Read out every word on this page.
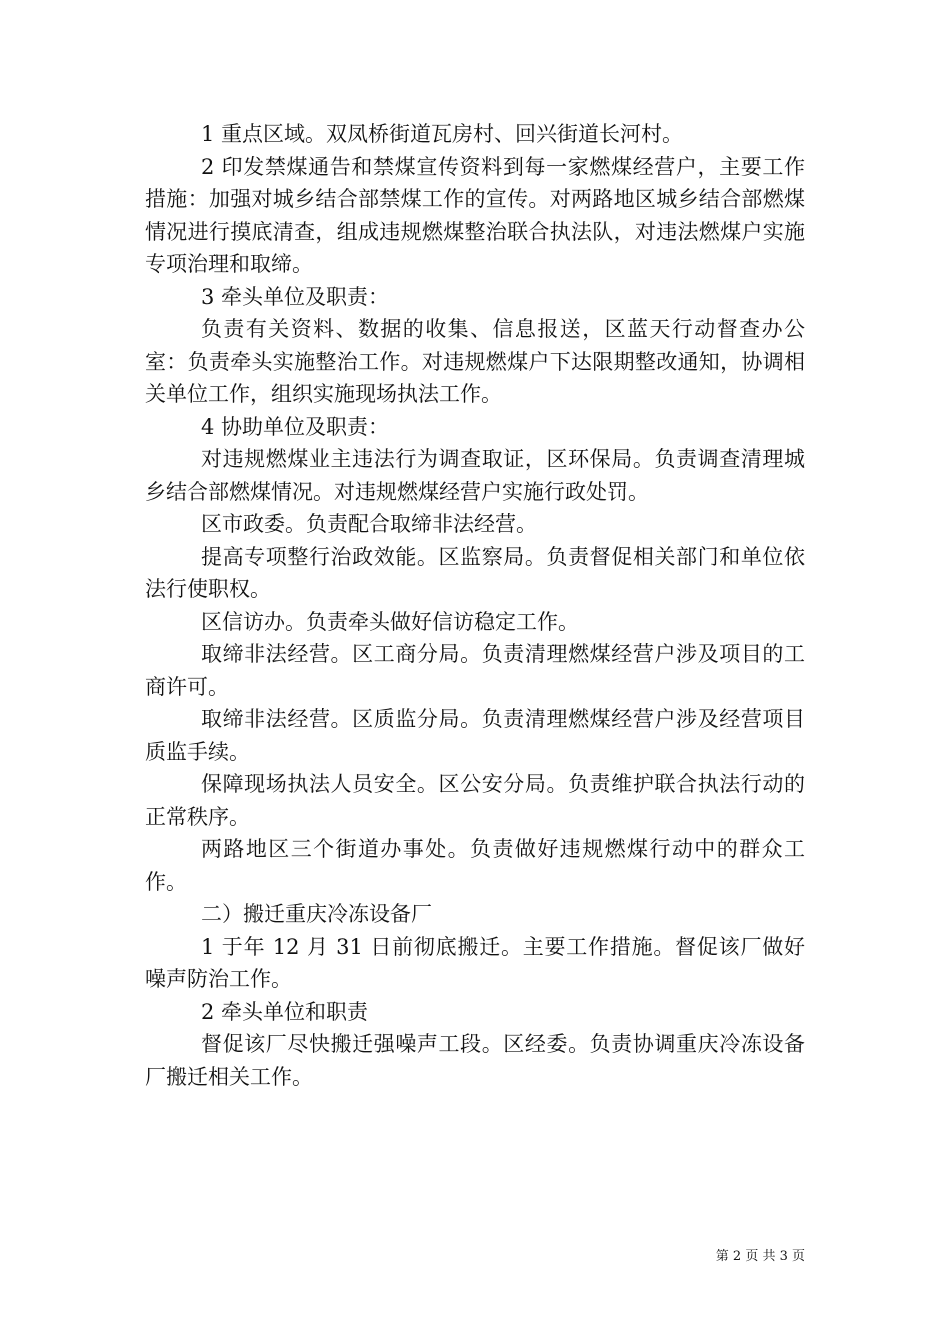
1 重点区域。双凤桥街道瓦房村、回兴街道长河村。

2 印发禁煤通告和禁煤宣传资料到每一家燃煤经营户，主要工作措施：加强对城乡结合部禁煤工作的宣传。对两路地区城乡结合部燃煤情况进行摸底清查，组成违规燃煤整治联合执法队，对违法燃煤户实施专项治理和取缔。

3 牵头单位及职责：

负责有关资料、数据的收集、信息报送，区蓝天行动督查办公室：负责牵头实施整治工作。对违规燃煤户下达限期整改通知，协调相关单位工作，组织实施现场执法工作。

4 协助单位及职责：

对违规燃煤业主违法行为调查取证，区环保局。负责调查清理城乡结合部燃煤情况。对违规燃煤经营户实施行政处罚。

区市政委。负责配合取缔非法经营。

提高专项整行治政效能。区监察局。负责督促相关部门和单位依法行使职权。

区信访办。负责牵头做好信访稳定工作。

取缔非法经营。区工商分局。负责清理燃煤经营户涉及项目的工商许可。

取缔非法经营。区质监分局。负责清理燃煤经营户涉及经营项目质监手续。

保障现场执法人员安全。区公安分局。负责维护联合执法行动的正常秩序。

两路地区三个街道办事处。负责做好违规燃煤行动中的群众工作。

二）搬迁重庆冷冻设备厂

1 于年 12 月 31 日前彻底搬迁。主要工作措施。督促该厂做好噪声防治工作。

2 牵头单位和职责

督促该厂尽快搬迁强噪声工段。区经委。负责协调重庆冷冻设备厂搬迁相关工作。

第 2 页 共 3 页
